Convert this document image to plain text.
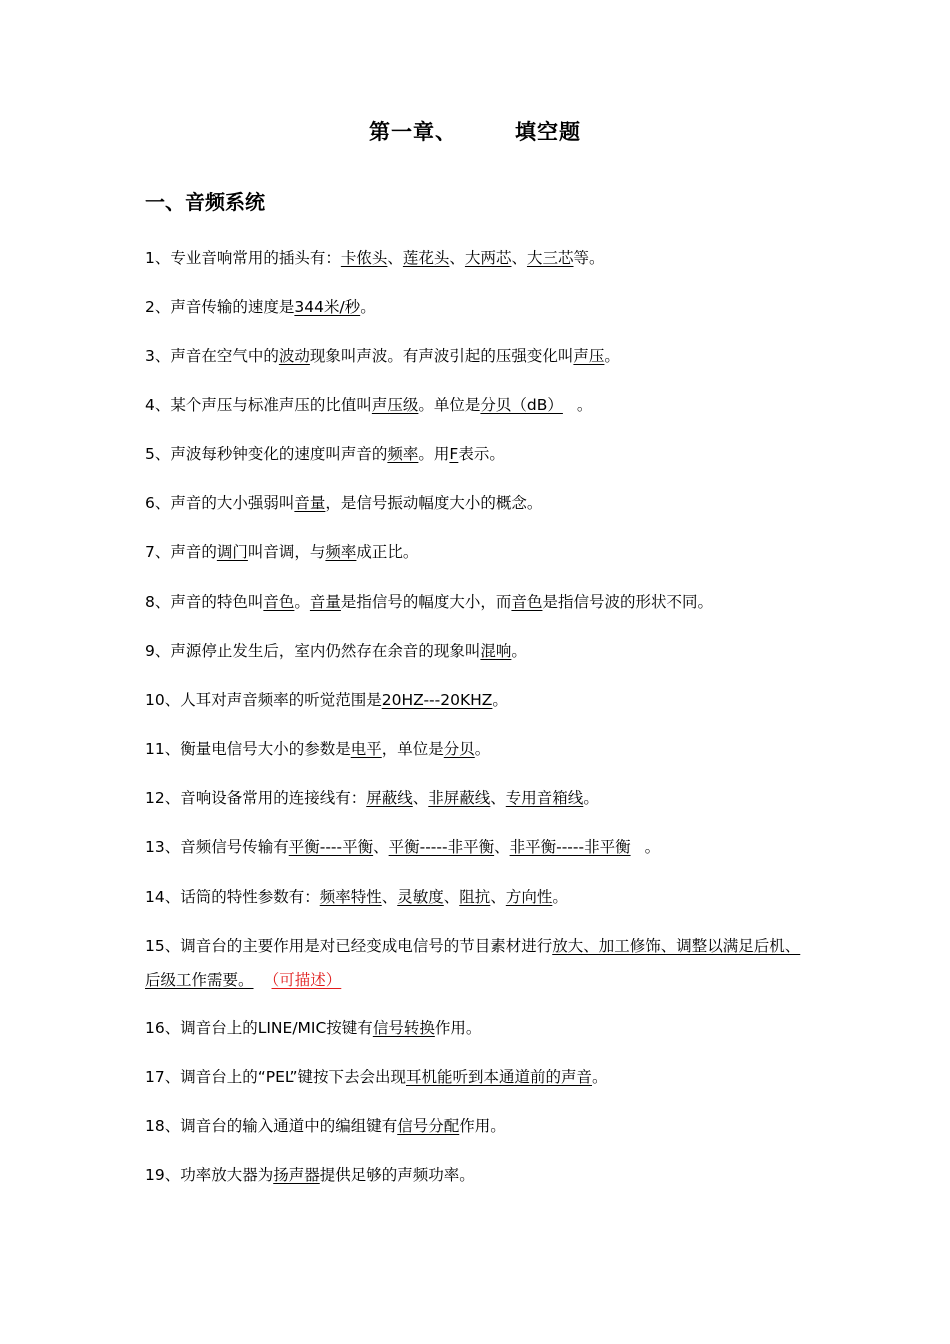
第一章、	填空题
一、音频系统
1、专业音响常用的插头有：卡侬头、莲花头、大两芯、大三芯等。
2、声音传输的速度是344米/秒。
3、声音在空气中的波动现象叫声波。有声波引起的压强变化叫声压。
4、某个声压与标准声压的比值叫声压级。单位是分贝（dB） 。
5、声波每秒钟变化的速度叫声音的频率。用F表示。
6、声音的大小强弱叫音量，是信号振动幅度大小的概念。
7、声音的调门叫音调，与频率成正比。
8、声音的特色叫音色。音量是指信号的幅度大小，而音色是指信号波的形状不同。
9、声源停止发生后，室内仍然存在余音的现象叫混响。
10、人耳对声音频率的听觉范围是20HZ---20KHZ。
11、衡量电信号大小的参数是电平，单位是分贝。
12、音响设备常用的连接线有：屏蔽线、非屏蔽线、专用音箱线。
13、音频信号传输有平衡----平衡、平衡-----非平衡、非平衡-----非平衡 。
14、话筒的特性参数有：频率特性、灵敏度、阻抗、方向性。
15、调音台的主要作用是对已经变成电信号的节目素材进行放大、加工修饰、调整以满足后机、后级工作需要。 （可描述）
16、调音台上的LINE/MIC按键有信号转换作用。
17、调音台上的“PEL”键按下去会出现耳机能听到本通道前的声音。
18、调音台的输入通道中的编组键有信号分配作用。
19、功率放大器为扬声器提供足够的声频功率。
